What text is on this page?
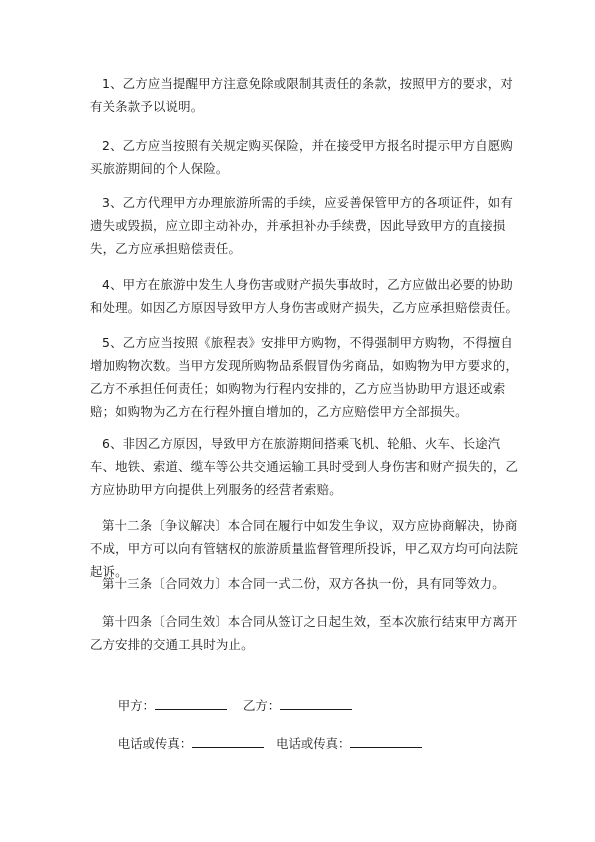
1、乙方应当提醒甲方注意免除或限制其责任的条款，按照甲方的要求，对有关条款予以说明。

2、乙方应当按照有关规定购买保险，并在接受甲方报名时提示甲方自愿购买旅游期间的个人保险。

3、乙方代理甲方办理旅游所需的手续，应妥善保管甲方的各项证件，如有遗失或毁损，应立即主动补办，并承担补办手续费，因此导致甲方的直接损失，乙方应承担赔偿责任。

4、甲方在旅游中发生人身伤害或财产损失事故时，乙方应做出必要的协助和处理。如因乙方原因导致甲方人身伤害或财产损失，乙方应承担赔偿责任。

5、乙方应当按照《旅程表》安排甲方购物，不得强制甲方购物，不得擅自增加购物次数。当甲方发现所购物品系假冒伪劣商品，如购物为甲方要求的，乙方不承担任何责任；如购物为行程内安排的，乙方应当协助甲方退还或索赔；如购物为乙方在行程外擅自增加的，乙方应赔偿甲方全部损失。

6、非因乙方原因，导致甲方在旅游期间搭乘飞机、轮船、火车、长途汽车、地铁、索道、缆车等公共交通运输工具时受到人身伤害和财产损失的，乙方应协助甲方向提供上列服务的经营者索赔。

第十二条〔争议解决〕本合同在履行中如发生争议，双方应协商解决，协商不成，甲方可以向有管辖权的旅游质量监督管理所投诉，甲乙双方均可向法院起诉。

第十三条〔合同效力〕本合同一式二份，双方各执一份，具有同等效力。

第十四条〔合同生效〕本合同从签订之日起生效，至本次旅行结束甲方离开乙方安排的交通工具时为止。

甲方：	乙方：

电话或传真：	电话或传真：
